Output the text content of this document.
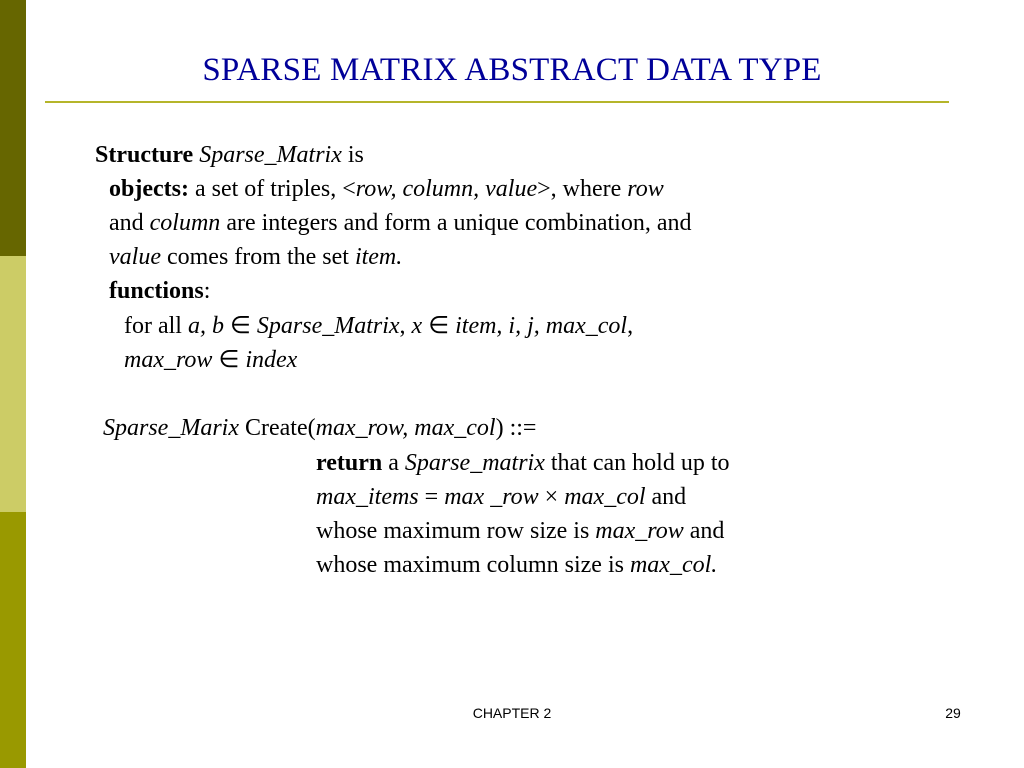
SPARSE MATRIX ABSTRACT DATA TYPE
Structure Sparse_Matrix is
objects: a set of triples, <row, column, value>, where row
and column are integers and form a unique combination, and
value comes from the set item.
functions:
for all a, b ∈ Sparse_Matrix, x ∈ item, i, j, max_col,
max_row ∈ index
Sparse_Marix Create(max_row, max_col) ::=
return a Sparse_matrix that can hold up to
max_items = max _row × max_col and
whose maximum row size is max_row and
whose maximum column size is max_col.
CHAPTER 2	29
